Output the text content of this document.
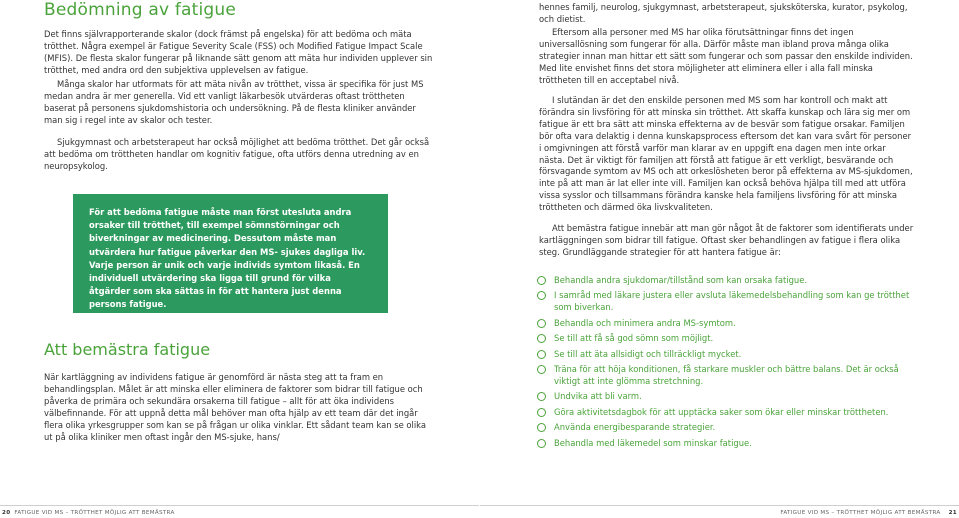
Bedömning av fatigue

Det finns självrapporterande skalor (dock främst på engelska) för att bedöma och mäta trötthet. Några exempel är Fatigue Severity Scale (FSS) och Modified Fatigue Impact Scale (MFIS). De flesta skalor fungerar på liknande sätt genom att mäta hur individen upplever sin trötthet, med andra ord den subjektiva upplevelsen av fatigue.

Många skalor har utformats för att mäta nivån av trötthet, vissa är specifika för just MS medan andra är mer generella. Vid ett vanligt läkarbesök utvärderas oftast tröttheten baserat på personens sjukdomshistoria och undersökning. På de flesta kliniker använder man sig i regel inte av skalor och tester.

Sjukgymnast och arbetsterapeut har också möjlighet att bedöma trötthet. Det går också att bedöma om tröttheten handlar om kognitiv fatigue, ofta utförs denna utredning av en neuropsykolog.

För att bedöma fatigue måste man först utesluta andra orsaker till trötthet, till exempel sömnstörningar och biverkningar av medicinering. Dessutom måste man utvärdera hur fatigue påverkar den MS- sjukes dagliga liv. Varje person är unik och varje individs symtom likaså. En individuell utvärdering ska ligga till grund för vilka åtgärder som ska sättas in för att hantera just denna persons fatigue.

Att bemästra fatigue

När kartläggning av individens fatigue är genomförd är nästa steg att ta fram en behandlingsplan. Målet är att minska eller eliminera de faktorer som bidrar till fatigue och påverka de primära och sekundära orsakerna till fatigue – allt för att öka individens välbefinnande. För att uppnå detta mål behöver man ofta hjälp av ett team där det ingår flera olika yrkesgrupper som kan se på frågan ur olika vinklar. Ett sådant team kan se olika ut på olika kliniker men oftast ingår den MS-sjuke, hans/

20 FATIGUE VID MS – TRÖTTHET MÖJLIG ATT BEMÄSTRA

hennes familj, neurolog, sjukgymnast, arbetsterapeut, sjuksköterska, kurator, psykolog, och dietist.

Eftersom alla personer med MS har olika förutsättningar finns det ingen universallösning som fungerar för alla. Därför måste man ibland prova många olika strategier innan man hittar ett sätt som fungerar och som passar den enskilde individen. Med lite envishet finns det stora möjligheter att eliminera eller i alla fall minska tröttheten till en acceptabel nivå.

I slutändan är det den enskilde personen med MS som har kontroll och makt att förändra sin livsföring för att minska sin trötthet. Att skaffa kunskap och lära sig mer om fatigue är ett bra sätt att minska effekterna av de besvär som fatigue orsakar. Familjen bör ofta vara delaktig i denna kunskapsprocess eftersom det kan vara svårt för personer i omgivningen att förstå varför man klarar av en uppgift ena dagen men inte orkar nästa. Det är viktigt för familjen att förstå att fatigue är ett verkligt, besvärande och försvagande symtom av MS och att orkeslösheten beror på effekterna av MS-sjukdomen, inte på att man är lat eller inte vill. Familjen kan också behöva hjälpa till med att utföra vissa sysslor och tillsammans förändra kanske hela familjens livsföring för att minska tröttheten och därmed öka livskvaliteten.

Att bemästra fatigue innebär att man gör något åt de faktorer som identifierats under kartläggningen som bidrar till fatigue. Oftast sker behandlingen av fatigue i flera olika steg. Grundläggande strategier för att hantera fatigue är:

Behandla andra sjukdomar/tillstånd som kan orsaka fatigue.
I samråd med läkare justera eller avsluta läkemedelsbehandling som kan ge trötthet som biverkan.
Behandla och minimera andra MS-symtom.
Se till att få så god sömn som möjligt.
Se till att äta allsidigt och tillräckligt mycket.
Träna för att höja konditionen, få starkare muskler och bättre balans. Det är också viktigt att inte glömma stretchning.
Undvika att bli varm.
Göra aktivitetsdagbok för att upptäcka saker som ökar eller minskar tröttheten.
Använda energibesparande strategier.
Behandla med läkemedel som minskar fatigue.
FATIGUE VID MS – TRÖTTHET MÖJLIG ATT BEMÄSTRA 21
